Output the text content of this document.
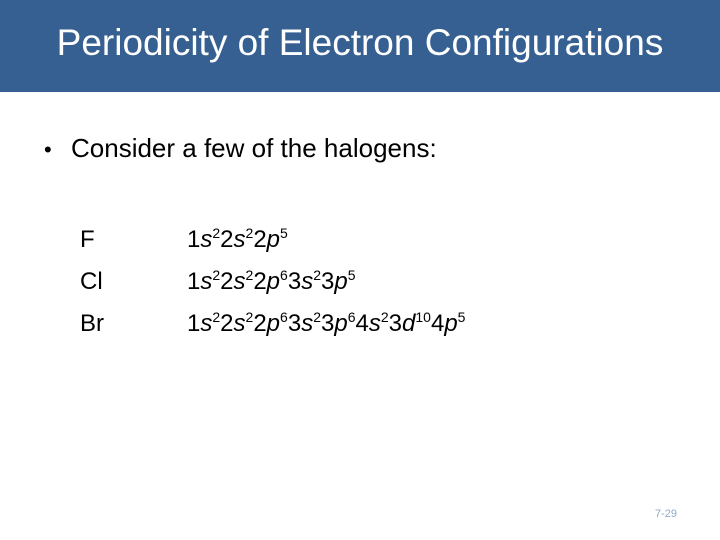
Periodicity of Electron Configurations
• Consider a few of the halogens:
F	$1s^22s^22p^5$
Cl	$1s^22s^22p^63s^23p^5$
Br	$1s^22s^22p^63s^23p^64s^23d^{10}4p^5$
7-29
